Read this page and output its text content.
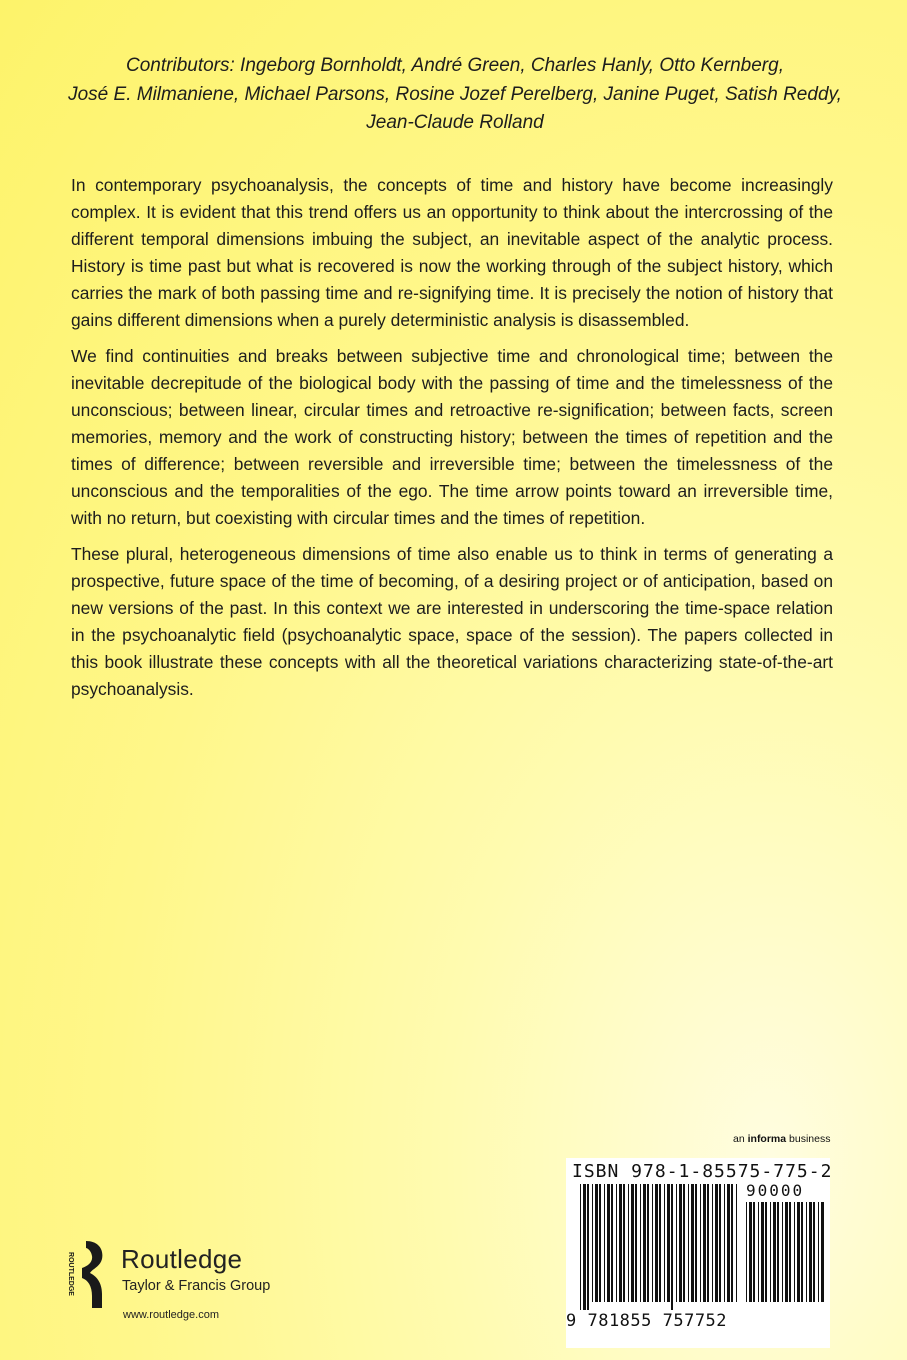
Contributors: Ingeborg Bornholdt, André Green, Charles Hanly, Otto Kernberg,
José E. Milmaniene, Michael Parsons, Rosine Jozef Perelberg, Janine Puget, Satish Reddy,
Jean-Claude Rolland

In contemporary psychoanalysis, the concepts of time and history have become increasingly complex. It is evident that this trend offers us an opportunity to think about the intercrossing of the different temporal dimensions imbuing the subject, an inevitable aspect of the analytic process. History is time past but what is recovered is now the working through of the subject history, which carries the mark of both passing time and re-signifying time. It is precisely the notion of history that gains different dimensions when a purely deterministic analysis is disassembled.

We find continuities and breaks between subjective time and chronological time; between the inevitable decrepitude of the biological body with the passing of time and the timelessness of the unconscious; between linear, circular times and retroactive re-signification; between facts, screen memories, memory and the work of constructing history; between the times of repetition and the times of difference; between reversible and irreversible time; between the timelessness of the unconscious and the temporalities of the ego. The time arrow points toward an irreversible time, with no return, but coexisting with circular times and the times of repetition.

These plural, heterogeneous dimensions of time also enable us to think in terms of generating a prospective, future space of the time of becoming, of a desiring project or of anticipation, based on new versions of the past. In this context we are interested in underscoring the time-space relation in the psychoanalytic field (psychoanalytic space, space of the session). The papers collected in this book illustrate these concepts with all the theoretical variations characterizing state-of-the-art psychoanalysis.

an informa business
ISBN 978-1-85575-775-2
90000
9 781855 757752
ROUTLEDGE Routledge
Taylor & Francis Group
www.routledge.com
